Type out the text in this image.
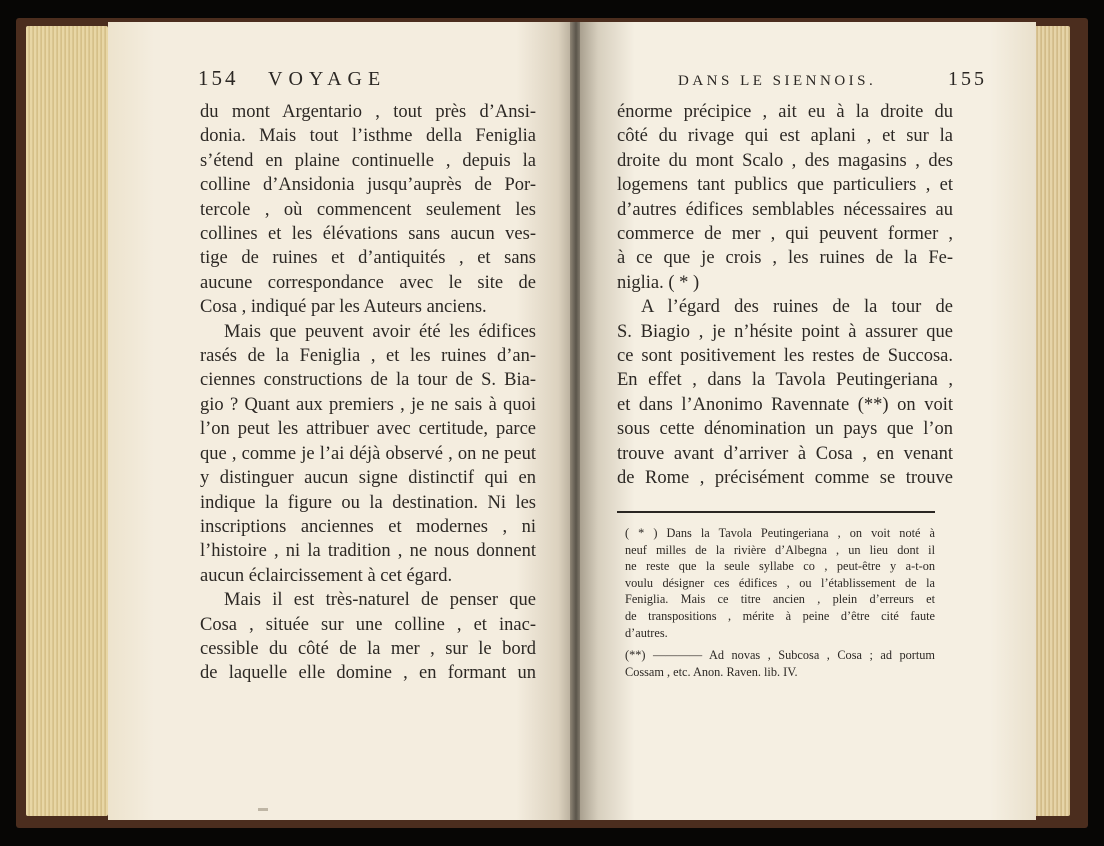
154 VOYAGE
du mont Argentario , tout près d’Ansi-
donia. Mais tout l’isthme della Feniglia
s’étend en plaine continuelle , depuis la
colline d’Ansidonia jusqu’auprès de Por-
tercole , où commencent seulement les
collines et les élévations sans aucun ves-
tige de ruines et d’antiquités , et sans
aucune correspondance avec le site de
Cosa , indiqué par les Auteurs anciens.
Mais que peuvent avoir été les édifices
rasés de la Feniglia , et les ruines d’an-
ciennes constructions de la tour de S. Bia-
gio ? Quant aux premiers , je ne sais à quoi
l’on peut les attribuer avec certitude, parce
que , comme je l’ai déjà observé , on ne peut
y distinguer aucun signe distinctif qui en
indique la figure ou la destination. Ni les
inscriptions anciennes et modernes , ni
l’histoire , ni la tradition , ne nous donnent
aucun éclaircissement à cet égard.
Mais il est très-naturel de penser que
Cosa , située sur une colline , et inac-
cessible du côté de la mer , sur le bord
de laquelle elle domine , en formant un
DANS LE SIENNOIS.	155
énorme précipice , ait eu à la droite du
côté du rivage qui est aplani , et sur la
droite du mont Scalo , des magasins , des
logemens tant publics que particuliers , et
d’autres édifices semblables nécessaires au
commerce de mer , qui peuvent former ,
à ce que je crois , les ruines de la Fe-
niglia. ( * )
A l’égard des ruines de la tour de
S. Biagio , je n’hésite point à assurer que
ce sont positivement les restes de Succosa.
En effet , dans la Tavola Peutingeriana ,
et dans l’Anonimo Ravennate (**) on voit
sous cette dénomination un pays que l’on
trouve avant d’arriver à Cosa , en venant
de Rome , précisément comme se trouve

( * ) Dans la Tavola Peutingeriana , on voit noté à
neuf milles de la rivière d’Albegna , un lieu dont il
ne reste que la seule syllabe co , peut-être y a-t-on
voulu désigner ces édifices , ou l’établissement de la
Feniglia. Mais ce titre ancien , plein d’erreurs et
de transpositions , mérite à peine d’être cité faute
d’autres.

(**) ———— Ad novas , Subcosa , Cosa ; ad portum
Cossam , etc. Anon. Raven. lib. IV.
